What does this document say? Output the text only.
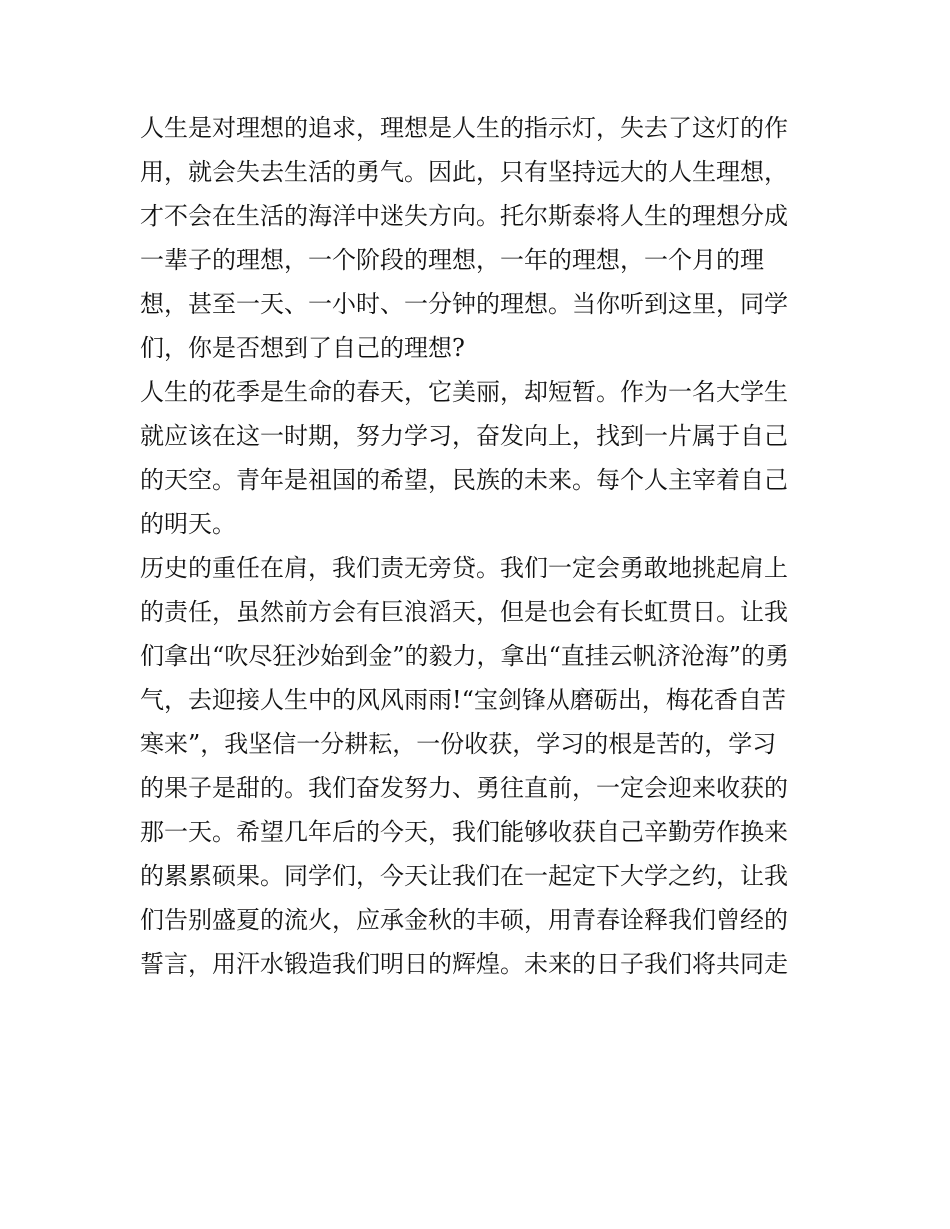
人生是对理想的追求，理想是人生的指示灯，失去了这灯的作
用，就会失去生活的勇气。因此，只有坚持远大的人生理想，
才不会在生活的海洋中迷失方向。托尔斯泰将人生的理想分成
一辈子的理想，一个阶段的理想，一年的理想，一个月的理
想，甚至一天、一小时、一分钟的理想。当你听到这里，同学
们，你是否想到了自己的理想?
人生的花季是生命的春天，它美丽，却短暂。作为一名大学生
就应该在这一时期，努力学习，奋发向上，找到一片属于自己
的天空。青年是祖国的希望，民族的未来。每个人主宰着自己
的明天。
历史的重任在肩，我们责无旁贷。我们一定会勇敢地挑起肩上
的责任，虽然前方会有巨浪滔天，但是也会有长虹贯日。让我
们拿出“吹尽狂沙始到金”的毅力，拿出“直挂云帆济沧海”的勇
气，去迎接人生中的风风雨雨!“宝剑锋从磨砺出，梅花香自苦
寒来”，我坚信一分耕耘，一份收获，学习的根是苦的，学习
的果子是甜的。我们奋发努力、勇往直前，一定会迎来收获的
那一天。希望几年后的今天，我们能够收获自己辛勤劳作换来
的累累硕果。同学们，今天让我们在一起定下大学之约，让我
们告别盛夏的流火，应承金秋的丰硕，用青春诠释我们曾经的
誓言，用汗水锻造我们明日的辉煌。未来的日子我们将共同走
